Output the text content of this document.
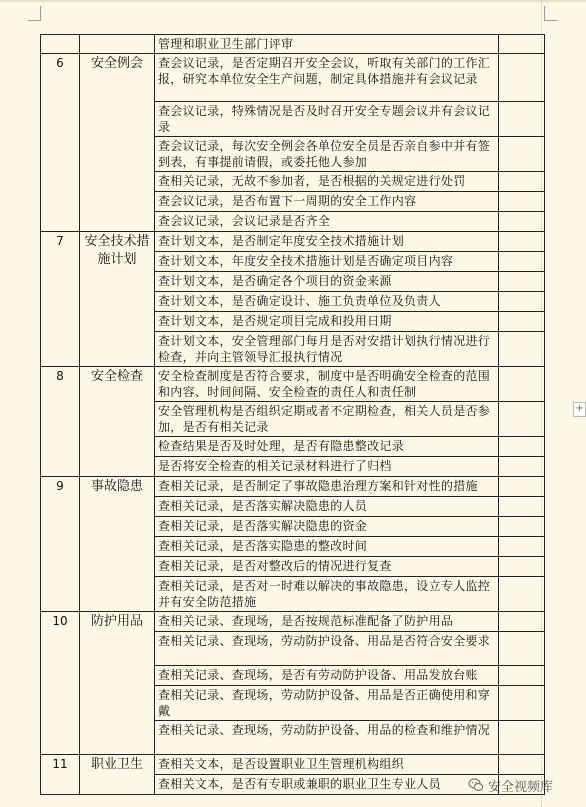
		管理和职业卫生部门评审	
6	安全例会	查会议记录，是否定期召开安全会议，听取有关部门的工作汇报，研究本单位安全生产问题，制定具体措施并有会议记录	
		查会议记录，特殊情况是否及时召开安全专题会议并有会议记录	
		查会议记录，每次安全例会各单位安全员是否亲自参中并有签到表，有事提前请假，或委托他人参加	
		查相关记录，无故不参加者，是否根据的关规定进行处罚	
		查会议记录，是否布置下一周期的安全工作内容	
		查会议记录，会议记录是否齐全	
7	安全技术措施计划	查计划文本，是否制定年度安全技术措施计划	
		查计划文本，年度安全技术措施计划是否确定项目内容	
		查计划文本，是否确定各个项目的资金来源	
		查计划文本，是否确定设计、施工负责单位及负责人	
		查计划文本，是否规定项目完成和投用日期	
		查计划文本，安全管理部门每月是否对安措计划执行情况进行检查，并向主管领导汇报执行情况	
8	安全检查	安全检查制度是否符合要求，制度中是否明确安全检查的范围和内容、时间间隔、安全检查的责任人和责任制	
		安全管理机构是否组织定期或者不定期检查，相关人员是否参加，是否有相关记录	
		检查结果是否及时处理，是否有隐患整改记录	
		是否将安全检查的相关记录材料进行了归档	
9	事故隐患	查相关记录，是否制定了事故隐患治理方案和针对性的措施	
		查相关记录，是否落实解决隐患的人员	
		查相关记录，是否落实解决隐患的资金	
		查相关记录，是否落实隐患的整改时间	
		查相关记录，是否对整改后的情况进行复查	
		查相关记录，是否对一时难以解决的事故隐患，设立专人监控并有安全防范措施	
10	防护用品	查相关记录、查现场，是否按规范标准配备了防护用品	
		查相关记录、查现场，劳动防护设备、用品是否符合安全要求	
		查相关记录、查现场，是否有劳动防护设备、用品发放台账	
		查相关记录、查现场，劳动防护设备、用品是否正确使用和穿戴	
		查相关记录、查现场，劳动防护设备、用品的检查和维护情况	
11	职业卫生	查相关文本，是否设置职业卫生管理机构组织	
		查相关文本，是否有专职或兼职的职业卫生专业人员	
+
安全视频库
